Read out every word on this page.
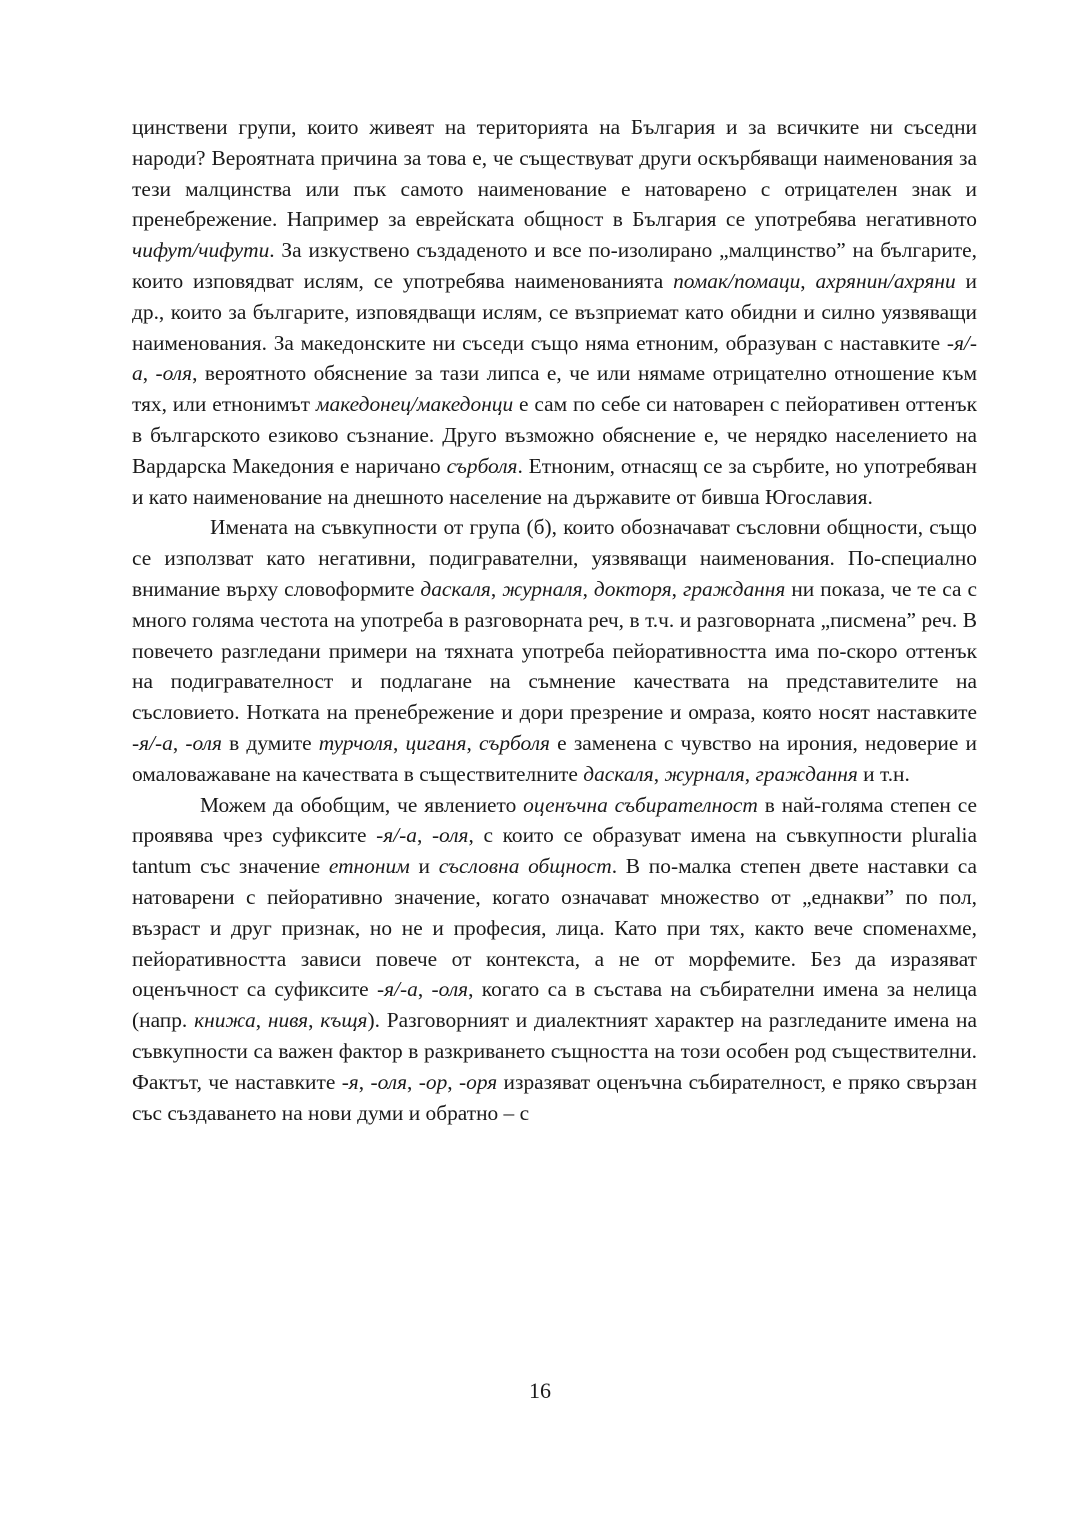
цинствени групи, които живеят на територията на България и за всичките ни съседни народи? Вероятната причина за това е, че съществуват други оскърбяващи наименования за тези малцинства или пък самото наименование е натоварено с отрицателен знак и пренебрежение. Например за еврейската общност в България се употребява негативното чифут/чифути. За изкуствено създаденото и все по-изолирано „малцинство” на българите, които изповядват ислям, се употребява наименованията помак/помаци, ахрянин/ахряни и др., които за българите, изповядващи ислям, се възприемат като обидни и силно уязвяващи наименования. За македонските ни съседи също няма етноним, образуван с наставките -я/-а, -оля, вероятното обяснение за тази липса е, че или нямаме отрицателно отношение към тях, или етнонимът македонец/македонци е сам по себе си натоварен с пейоративен оттенък в българското езиково съзнание. Друго възможно обяснение е, че нерядко населението на Вардарска Македония е наричано сърболя. Етноним, отнасящ се за сърбите, но употребяван и като наименование на днешното население на държавите от бивша Югославия.

Имената на съвкупности от група (б), които обозначават съсловни общности, също се използват като негативни, подигравателни, уязвяващи наименования. По-специално внимание върху словоформите даскаля, журналя, докторя, граждання ни показа, че те са с много голяма честота на употреба в разговорната реч, в т.ч. и разговорната „писмена” реч. В повечето разгледани примери на тяхната употреба пейоративността има по-скоро оттенък на подигравателност и подлагане на съмнение качествата на представителите на съсловието. Нотката на пренебрежение и дори презрение и омраза, която носят наставките -я/-а, -оля в думите турчоля, циганя, сърболя е заменена с чувство на ирония, недоверие и омаловажаване на качествата в съществителните даскаля, журналя, граждання и т.н.

Можем да обобщим, че явлението оценъчна събирателност в най-голяма степен се проявява чрез суфиксите -я/-а, -оля, с които се образуват имена на съвкупности pluralia tantum със значение етноним и съсловна общност. В по-малка степен двете наставки са натоварени с пейоративно значение, когато означават множество от „еднакви” по пол, възраст и друг признак, но не и професия, лица. Като при тях, както вече споменахме, пейоративността зависи повече от контекста, а не от морфемите. Без да изразяват оценъчност са суфиксите -я/-а, -оля, когато са в състава на събирателни имена за нелица (напр. книжа, нивя, къщя). Разговорният и диалектният характер на разгледаните имена на съвкупности са важен фактор в разкриването същността на този особен род съществителни. Фактът, че наставките -я, -оля, -ор, -оря изразяват оценъчна събирателност, е пряко свързан със създаването на нови думи и обратно – с

16
